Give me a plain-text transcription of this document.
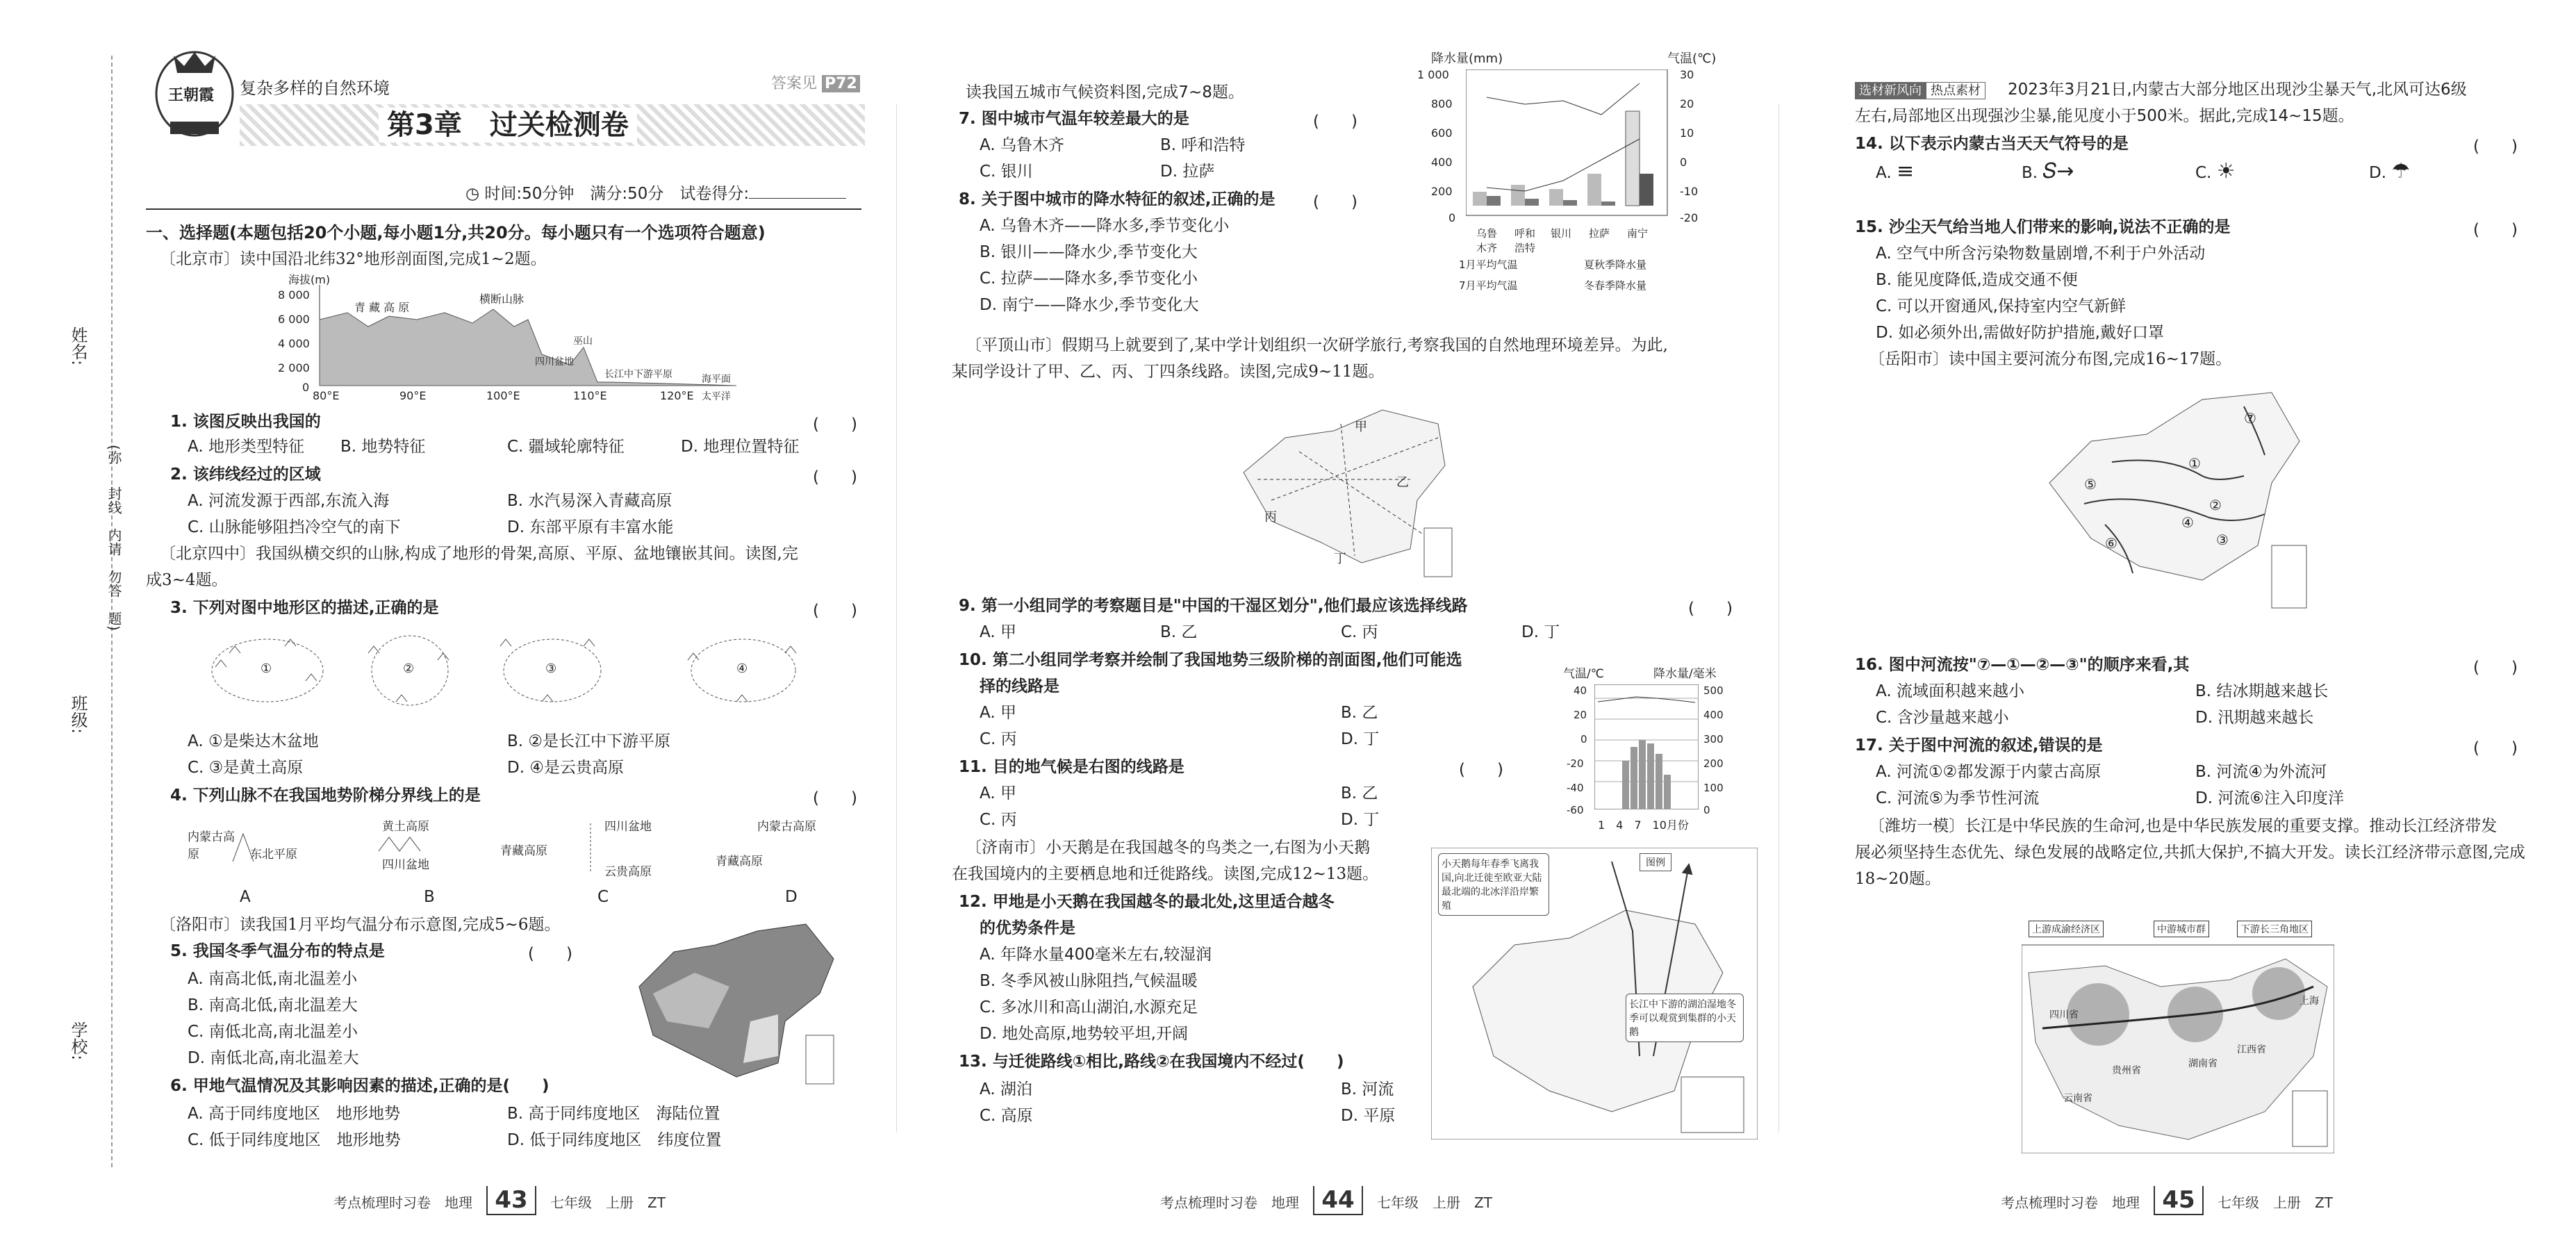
姓名:
(弥
封线
内请
勿答
题)
班级:
学校:
王朝霞 复杂多样的自然环境	答案见 P72
第3章　过关检测卷
◷ 时间:50分钟　满分:50分　试卷得分:
一、选择题(本题包括20个小题,每小题1分,共20分。每小题只有一个选项符合题意)
〔北京市〕读中国沿北纬32°地形剖面图,完成1~2题。
海拔(m)
8 000
6 000
4 000
2 000
0
80°E	90°E	100°E	110°E	120°E
青 藏 高 原
横断山脉
四川盆地
巫山
长江中下游平原	海平面
太平洋
1. 该图反映出我国的	(　　)
A. 地形类型特征 B. 地势特征	C. 疆域轮廓特征	D. 地理位置特征
2. 该纬线经过的区域	(　　)
A. 河流发源于西部,东流入海	B. 水汽易深入青藏高原
C. 山脉能够阻挡冷空气的南下	D. 东部平原有丰富水能
〔北京四中〕我国纵横交织的山脉,构成了地形的骨架,高原、平原、盆地镶嵌其间。读图,完
成3~4题。
3. 下列对图中地形区的描述,正确的是	(　　)
①	②	③	④
A. ①是柴达木盆地	B. ②是长江中下游平原
C. ③是黄土高原	D. ④是云贵高原
4. 下列山脉不在我国地势阶梯分界线上的是	(　　)
内蒙古高原	东北平原
黄土高原
四川盆地
四川盆地
青藏高原
云贵高原
内蒙古高原
青藏高原
A	B	C	D
〔洛阳市〕读我国1月平均气温分布示意图,完成5~6题。
5. 我国冬季气温分布的特点是	(　　)
A. 南高北低,南北温差小
B. 南高北低,南北温差大
C. 南低北高,南北温差小
D. 南低北高,南北温差大
6. 甲地气温情况及其影响因素的描述,正确的是(　　)
A. 高于同纬度地区　地形地势	B. 高于同纬度地区　海陆位置
C. 低于同纬度地区　地形地势	D. 低于同纬度地区　纬度位置
考点梳理时习卷　地理 43 七年级　上册　ZT
读我国五城市气候资料图,完成7~8题。
7. 图中城市气温年较差最大的是	(　　)
A. 乌鲁木齐	B. 呼和浩特
C. 银川	D. 拉萨
8. 关于图中城市的降水特征的叙述,正确的是 (　　)
A. 乌鲁木齐——降水多,季节变化小
B. 银川——降水少,季节变化大
C. 拉萨——降水多,季节变化小
D. 南宁——降水少,季节变化大
降水量(mm)	气温(℃)
1 000
800
600
400
200
0
30
20
10
0
-10
-20
乌鲁
木齐
呼和
浩特
银川 拉萨 南宁
1月平均气温	夏秋季降水量
7月平均气温	冬春季降水量
〔平顶山市〕假期马上就要到了,某中学计划组织一次研学旅行,考察我国的自然地理环境差异。为此,
某同学设计了甲、乙、丙、丁四条线路。读图,完成9~11题。
甲
乙
丙
丁
9. 第一小组同学的考察题目是"中国的干湿区划分",他们最应该选择线路	(　　)
A. 甲	B. 乙	C. 丙	D. 丁
10. 第二小组同学考察并绘制了我国地势三级阶梯的剖面图,他们可能选
择的线路是
A. 甲	B. 乙
C. 丙	D. 丁
11. 目的地气候是右图的线路是	(　　)
A. 甲	B. 乙
C. 丙	D. 丁
气温/℃	降水量/毫米
40
20
0
-20
-40
-60
500
400
300
200
100
0
1　4　7　10月份
〔济南市〕小天鹅是在我国越冬的鸟类之一,右图为小天鹅
在我国境内的主要栖息地和迁徙路线。读图,完成12~13题。
小天鹅每年春季飞离我国,向北迁徙至欧亚大陆最北端的北冰洋沿岸繁殖
图例
长江中下游的湖泊湿地冬季可以观赏到集群的小天鹅
12. 甲地是小天鹅在我国越冬的最北处,这里适合越冬
的优势条件是
A. 年降水量400毫米左右,较湿润
B. 冬季风被山脉阻挡,气候温暖
C. 多冰川和高山湖泊,水源充足
D. 地处高原,地势较平坦,开阔
13. 与迁徙路线①相比,路线②在我国境内不经过(　　)
A. 湖泊	B. 河流
C. 高原	D. 平原
考点梳理时习卷　地理 44 七年级　上册　ZT
选材新风向 热点素材	2023年3月21日,内蒙古大部分地区出现沙尘暴天气,北风可达6级
左右,局部地区出现强沙尘暴,能见度小于500米。据此,完成14~15题。
14. 以下表示内蒙古当天天气符号的是	(　　)
A. ≡	B. 𝑆→	C. ☀	D. ☂
15. 沙尘天气给当地人们带来的影响,说法不正确的是	(　　)
A. 空气中所含污染物数量剧增,不利于户外活动
B. 能见度降低,造成交通不便
C. 可以开窗通风,保持室内空气新鲜
D. 如必须外出,需做好防护措施,戴好口罩
〔岳阳市〕读中国主要河流分布图,完成16~17题。
⑦
①
②
③
④
⑤
⑥
16. 图中河流按"⑦—①—②—③"的顺序来看,其	(　　)
A. 流域面积越来越小	B. 结冰期越来越长
C. 含沙量越来越小	D. 汛期越来越长
17. 关于图中河流的叙述,错误的是	(　　)
A. 河流①②都发源于内蒙古高原	B. 河流④为外流河
C. 河流⑤为季节性河流	D. 河流⑥注入印度洋
〔潍坊一模〕长江是中华民族的生命河,也是中华民族发展的重要支撑。推动长江经济带发
展必须坚持生态优先、绿色发展的战略定位,共抓大保护,不搞大开发。读长江经济带示意图,完成
18~20题。
上游成渝经济区	中游城市群	下游长三角地区
四川省
贵州省
湖南省
江西省
云南省
上海
考点梳理时习卷　地理 45 七年级　上册　ZT
